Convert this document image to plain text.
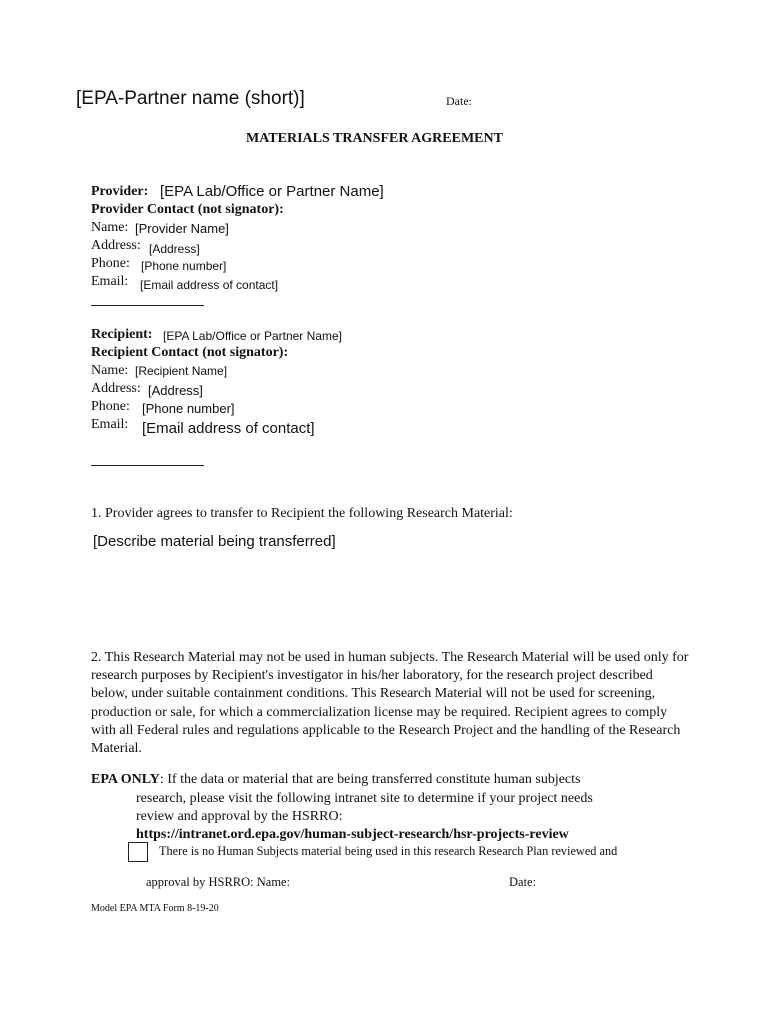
[EPA-Partner name (short)]	Date:
MATERIALS TRANSFER AGREEMENT
Provider: [EPA Lab/Office or Partner Name]
Provider Contact (not signator):
Name: [Provider Name]
Address: [Address]
Phone: [Phone number]
Email: [Email address of contact]
Recipient: [EPA Lab/Office or Partner Name]
Recipient Contact (not signator):
Name: [Recipient Name]
Address: [Address]
Phone: [Phone number]
Email: [Email address of contact]
1. Provider agrees to transfer to Recipient the following Research Material:
[Describe material being transferred]
2. This Research Material may not be used in human subjects. The Research Material will be used only for research purposes by Recipient's investigator in his/her laboratory, for the research project described below, under suitable containment conditions. This Research Material will not be used for screening, production or sale, for which a commercialization license may be required. Recipient agrees to comply with all Federal rules and regulations applicable to the Research Project and the handling of the Research Material.
EPA ONLY: If the data or material that are being transferred constitute human subjects
research, please visit the following intranet site to determine if your project needs
review and approval by the HSRRO:
https://intranet.ord.epa.gov/human-subject-research/hsr-projects-review
There is no Human Subjects material being used in this research Research Plan reviewed and
approval by HSRRO: Name:	Date:
Model EPA MTA Form 8-19-20
